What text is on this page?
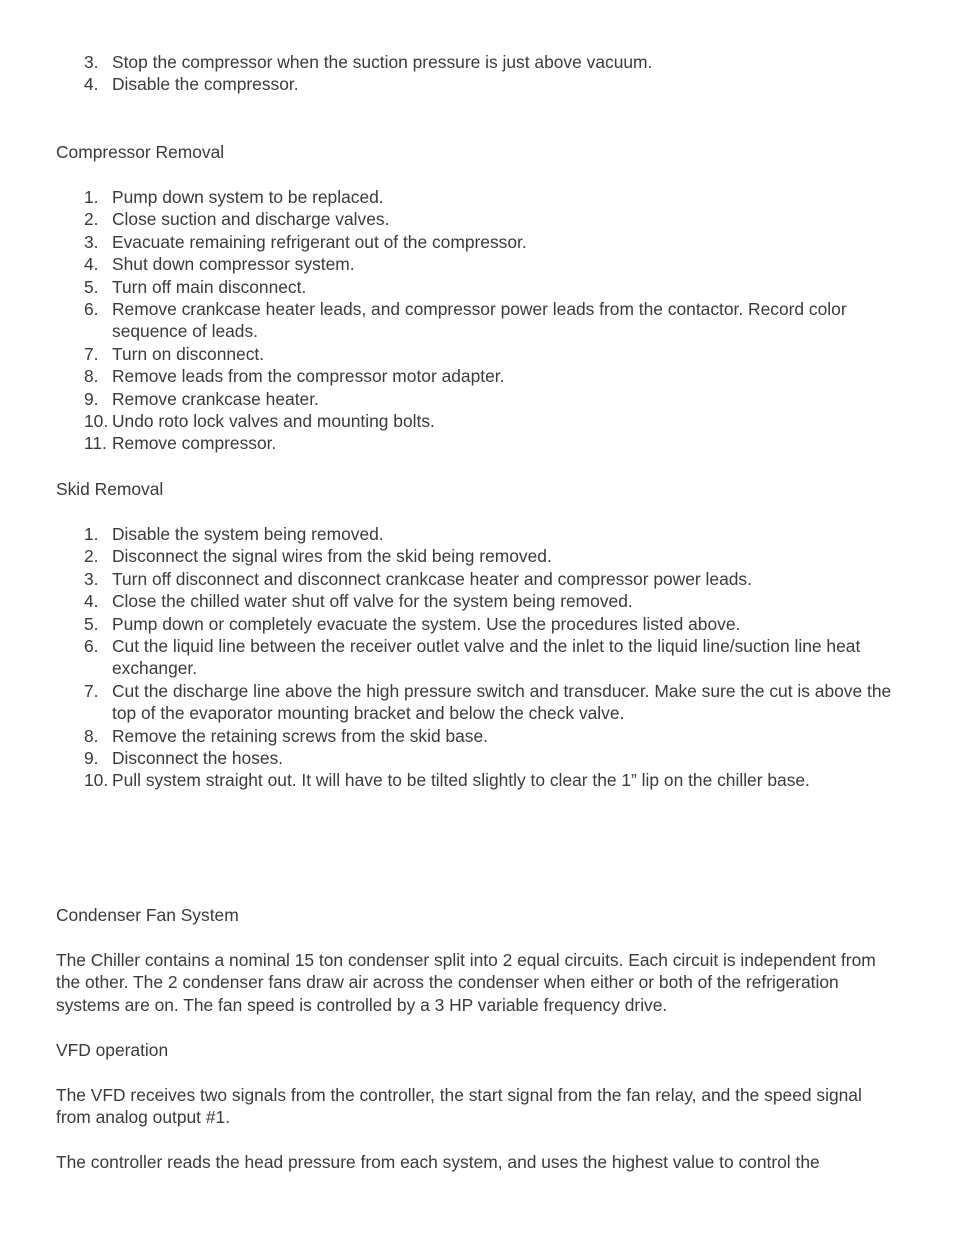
3. Stop the compressor when the suction pressure is just above vacuum.
4. Disable the compressor.

Compressor Removal

1. Pump down system to be replaced.
2. Close suction and discharge valves.
3. Evacuate remaining refrigerant out of the compressor.
4. Shut down compressor system.
5. Turn off main disconnect.
6. Remove crankcase heater leads, and compressor power leads from the contactor. Record color sequence of leads.
7. Turn on disconnect.
8. Remove leads from the compressor motor adapter.
9. Remove crankcase heater.
10. Undo roto lock valves and mounting bolts.
11. Remove compressor.

Skid Removal

1. Disable the system being removed.
2. Disconnect the signal wires from the skid being removed.
3. Turn off disconnect and disconnect crankcase heater and compressor power leads.
4. Close the chilled water shut off valve for the system being removed.
5. Pump down or completely evacuate the system. Use the procedures listed above.
6. Cut the liquid line between the receiver outlet valve and the inlet to the liquid line/suction line heat exchanger.
7. Cut the discharge line above the high pressure switch and transducer. Make sure the cut is above the top of the evaporator mounting bracket and below the check valve.
8. Remove the retaining screws from the skid base.
9. Disconnect the hoses.
10. Pull system straight out. It will have to be tilted slightly to clear the 1” lip on the chiller base.

Condenser Fan System

The Chiller contains a nominal 15 ton condenser split into 2 equal circuits. Each circuit is independent from the other. The 2 condenser fans draw air across the condenser when either or both of the refrigeration systems are on. The fan speed is controlled by a 3 HP variable frequency drive.

VFD operation

The VFD receives two signals from the controller, the start signal from the fan relay, and the speed signal from analog output #1.

The controller reads the head pressure from each system, and uses the highest value to control the
